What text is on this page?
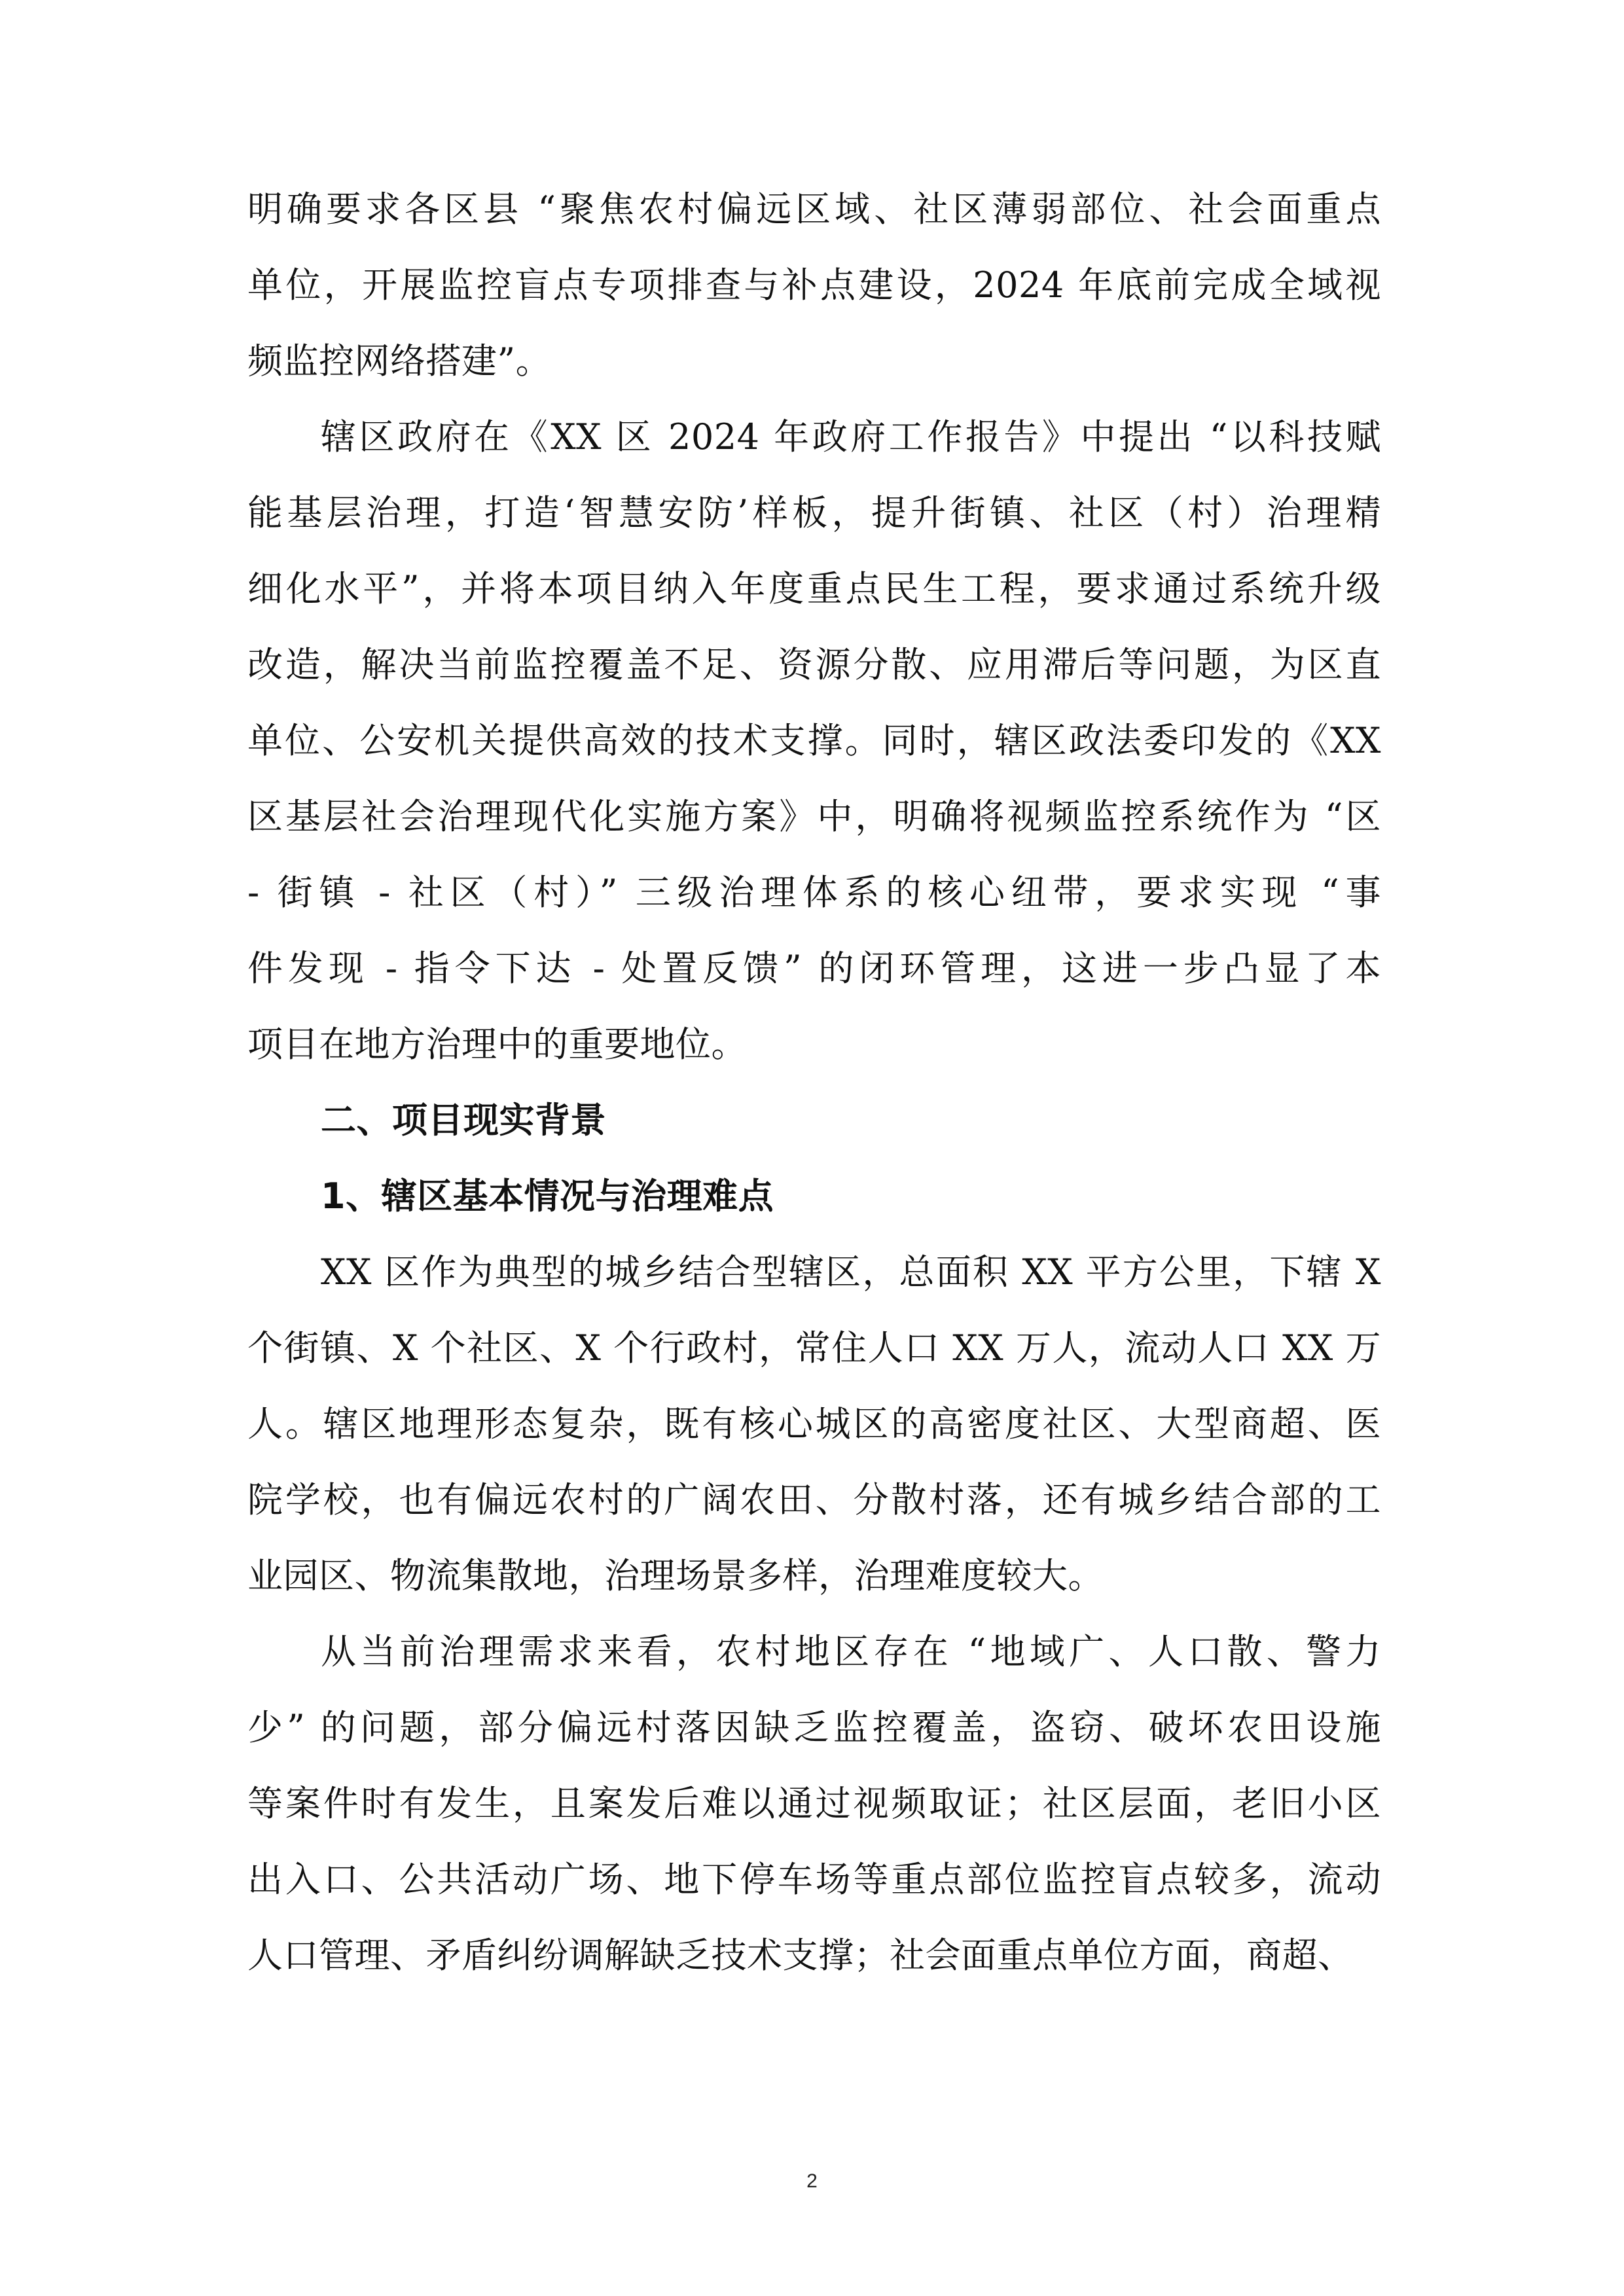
明确要求各区县 “聚焦农村偏远区域、社区薄弱部位、社会面重点
单位，开展监控盲点专项排查与补点建设，2024 年底前完成全域视
频监控网络搭建”。
辖区政府在《XX 区 2024 年政府工作报告》中提出 “以科技赋
能基层治理，打造‘智慧安防’样板，提升街镇、社区（村）治理精
细化水平”，并将本项目纳入年度重点民生工程，要求通过系统升级
改造，解决当前监控覆盖不足、资源分散、应用滞后等问题，为区直
单位、公安机关提供高效的技术支撑。同时，辖区政法委印发的《XX
区基层社会治理现代化实施方案》中，明确将视频监控系统作为 “区
- 街镇 - 社区（村）” 三级治理体系的核心纽带，要求实现 “事
件发现 - 指令下达 - 处置反馈” 的闭环管理，这进一步凸显了本
项目在地方治理中的重要地位。
二、项目现实背景
1、辖区基本情况与治理难点
XX 区作为典型的城乡结合型辖区，总面积 XX 平方公里，下辖 X
个街镇、X 个社区、X 个行政村，常住人口 XX 万人，流动人口 XX 万
人。辖区地理形态复杂，既有核心城区的高密度社区、大型商超、医
院学校，也有偏远农村的广阔农田、分散村落，还有城乡结合部的工
业园区、物流集散地，治理场景多样，治理难度较大。
从当前治理需求来看，农村地区存在 “地域广、人口散、警力
少” 的问题，部分偏远村落因缺乏监控覆盖，盗窃、破坏农田设施
等案件时有发生，且案发后难以通过视频取证；社区层面，老旧小区
出入口、公共活动广场、地下停车场等重点部位监控盲点较多，流动
人口管理、矛盾纠纷调解缺乏技术支撑；社会面重点单位方面，商超、
2
